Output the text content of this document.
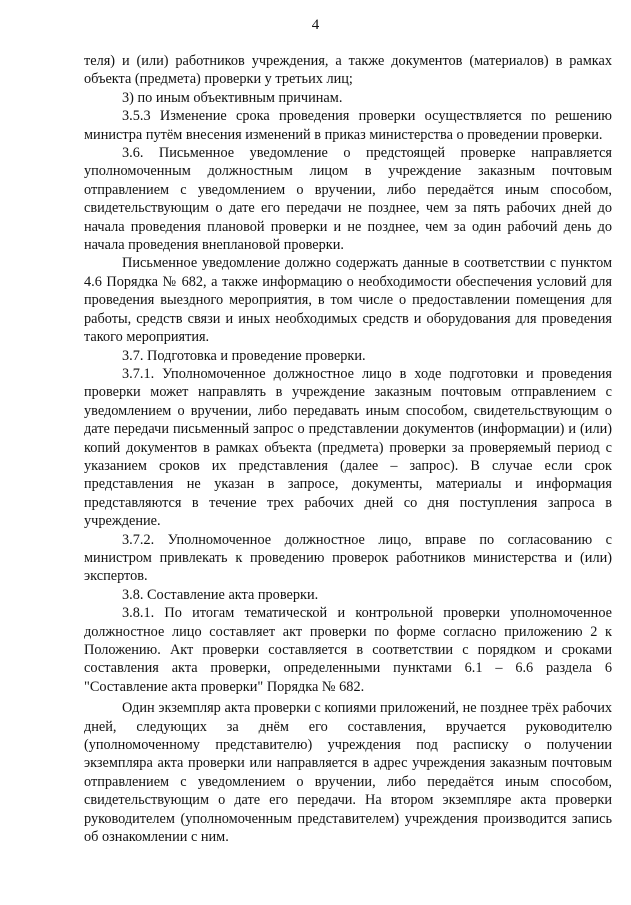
4

теля) и (или) работников учреждения, а также документов (материалов) в рамках объекта (предмета) проверки у третьих лиц;

3) по иным объективным причинам.

3.5.3 Изменение срока проведения проверки осуществляется по решению министра путём внесения изменений в приказ министерства о проведении проверки.

3.6. Письменное уведомление о предстоящей проверке направляется уполномоченным должностным лицом в учреждение заказным почтовым отправлением с уведомлением о вручении, либо передаётся иным способом, свидетельствующим о дате его передачи не позднее, чем за пять рабочих дней до начала проведения плановой проверки и не позднее, чем за один рабочий день до начала проведения внеплановой проверки.

Письменное уведомление должно содержать данные в соответствии с пунктом 4.6 Порядка № 682, а также информацию о необходимости обеспечения условий для проведения выездного мероприятия, в том числе о предоставлении помещения для работы, средств связи и иных необходимых средств и оборудования для проведения такого мероприятия.

3.7. Подготовка и проведение проверки.

3.7.1. Уполномоченное должностное лицо в ходе подготовки и проведения проверки может направлять в учреждение заказным почтовым отправлением с уведомлением о вручении, либо передавать иным способом, свидетельствующим о дате передачи письменный запрос о представлении документов (информации) и (или) копий документов в рамках объекта (предмета) проверки за проверяемый период с указанием сроков их представления (далее – запрос). В случае если срок представления не указан в запросе, документы, материалы и информация представляются в течение трех рабочих дней со дня поступления запроса в учреждение.

3.7.2. Уполномоченное должностное лицо, вправе по согласованию с министром привлекать к проведению проверок работников министерства и (или) экспертов.

3.8. Составление акта проверки.

3.8.1. По итогам тематической и контрольной проверки уполномоченное должностное лицо составляет акт проверки по форме согласно приложению 2 к Положению. Акт проверки составляется в соответствии с порядком и сроками составления акта проверки, определенными пунктами 6.1 – 6.6 раздела 6 "Составление акта проверки" Порядка № 682.

Один экземпляр акта проверки с копиями приложений, не позднее трёх рабочих дней, следующих за днём его составления, вручается руководителю (уполномоченному представителю) учреждения под расписку о получении экземпляра акта проверки или направляется в адрес учреждения заказным почтовым отправлением с уведомлением о вручении, либо передаётся иным способом, свидетельствующим о дате его передачи. На втором экземпляре акта проверки руководителем (уполномоченным представителем) учреждения производится запись об ознакомлении с ним.
